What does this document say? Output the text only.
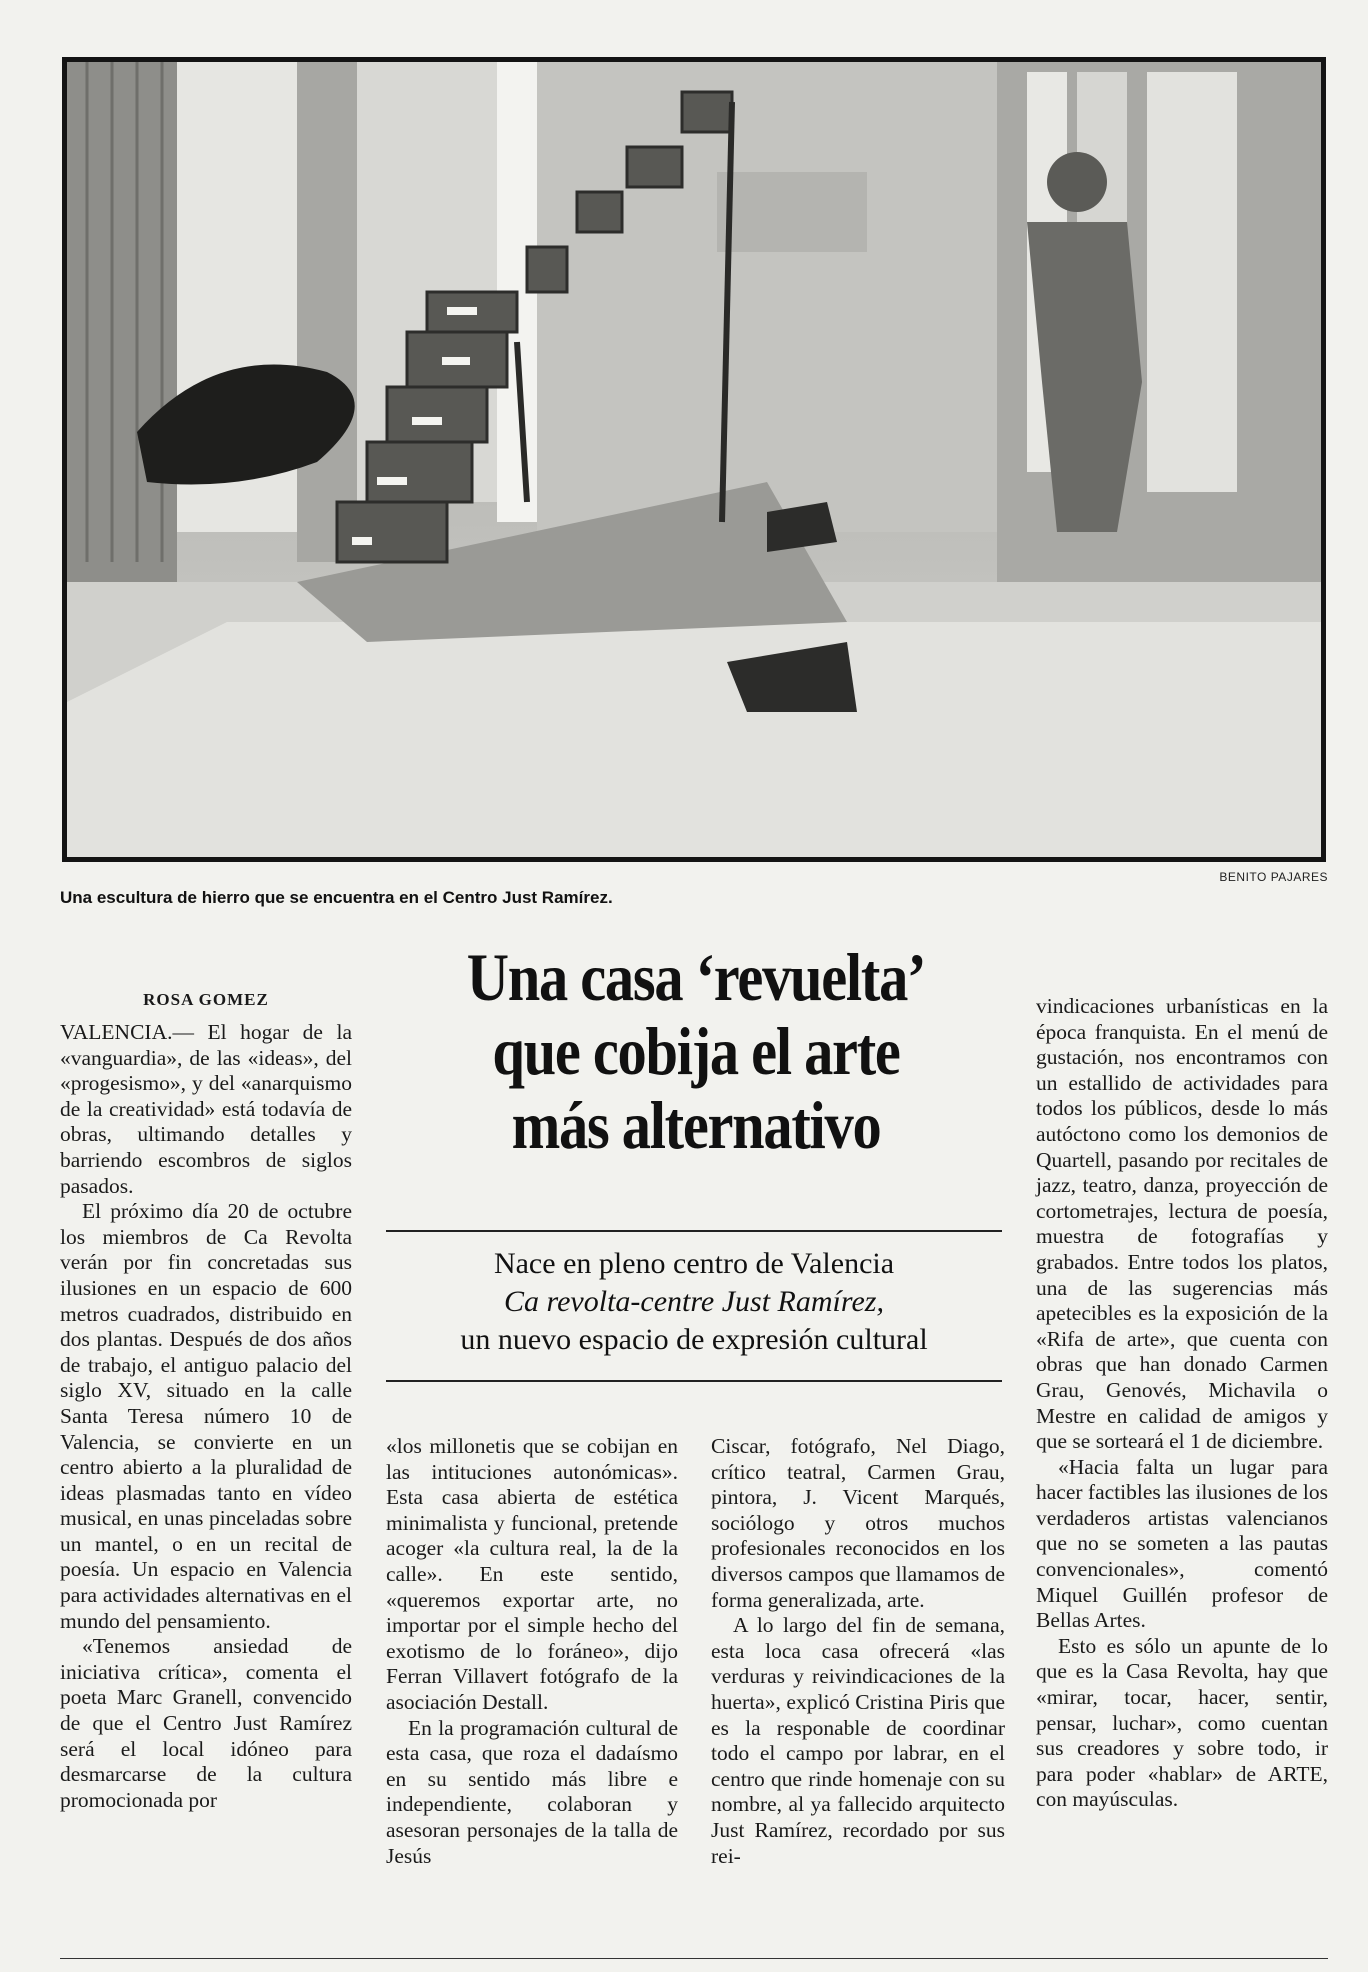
BENITO PAJARES
Una escultura de hierro que se encuentra en el Centro Just Ramírez.
ROSA GOMEZ	Una casa ‘revuelta’
que cobija el arte
más alternativo
Nace en pleno centro de Valencia
Ca revolta-centre Just Ramírez,
un nuevo espacio de expresión cultural

VALENCIA.— El hogar de la «vanguardia», de las «ideas», del «progesismo», y del «anarquismo de la creatividad» está todavía de obras, ultimando detalles y barriendo escombros de siglos pasados.

El próximo día 20 de octubre los miembros de Ca Revolta verán por fin concretadas sus ilusiones en un espacio de 600 metros cuadrados, distribuido en dos plantas. Después de dos años de trabajo, el antiguo palacio del siglo XV, situado en la calle Santa Teresa número 10 de Valencia, se convierte en un centro abierto a la pluralidad de ideas plasmadas tanto en vídeo musical, en unas pinceladas sobre un mantel, o en un recital de poesía. Un espacio en Valencia para actividades alternativas en el mundo del pensamiento.

«Tenemos ansiedad de iniciativa crítica», comenta el poeta Marc Granell, convencido de que el Centro Just Ramírez será el local idóneo para desmarcarse de la cultura promocionada por

«los millonetis que se cobijan en las intituciones autonómicas». Esta casa abierta de estética minimalista y funcional, pretende acoger «la cultura real, la de la calle». En este sentido, «queremos exportar arte, no importar por el simple hecho del exotismo de lo foráneo», dijo Ferran Villavert fotógrafo de la asociación Destall.

En la programación cultural de esta casa, que roza el dadaísmo en su sentido más libre e independiente, colaboran y asesoran personajes de la talla de Jesús

Ciscar, fotógrafo, Nel Diago, crítico teatral, Carmen Grau, pintora, J. Vicent Marqués, sociólogo y otros muchos profesionales reconocidos en los diversos campos que llamamos de forma generalizada, arte.

A lo largo del fin de semana, esta loca casa ofrecerá «las verduras y reivindicaciones de la huerta», explicó Cristina Piris que es la responable de coordinar todo el campo por labrar, en el centro que rinde homenaje con su nombre, al ya fallecido arquitecto Just Ramírez, recordado por sus rei-

vindicaciones urbanísticas en la época franquista. En el menú de gustación, nos encontramos con un estallido de actividades para todos los públicos, desde lo más autóctono como los demonios de Quartell, pasando por recitales de jazz, teatro, danza, proyección de cortometrajes, lectura de poesía, muestra de fotografías y grabados. Entre todos los platos, una de las sugerencias más apetecibles es la exposición de la «Rifa de arte», que cuenta con obras que han donado Carmen Grau, Genovés, Michavila o Mestre en calidad de amigos y que se sorteará el 1 de diciembre.

«Hacia falta un lugar para hacer factibles las ilusiones de los verdaderos artistas valencianos que no se someten a las pautas convencionales», comentó Miquel Guillén profesor de Bellas Artes.

Esto es sólo un apunte de lo que es la Casa Revolta, hay que «mirar, tocar, hacer, sentir, pensar, luchar», como cuentan sus creadores y sobre todo, ir para poder «hablar» de ARTE, con mayúsculas.
